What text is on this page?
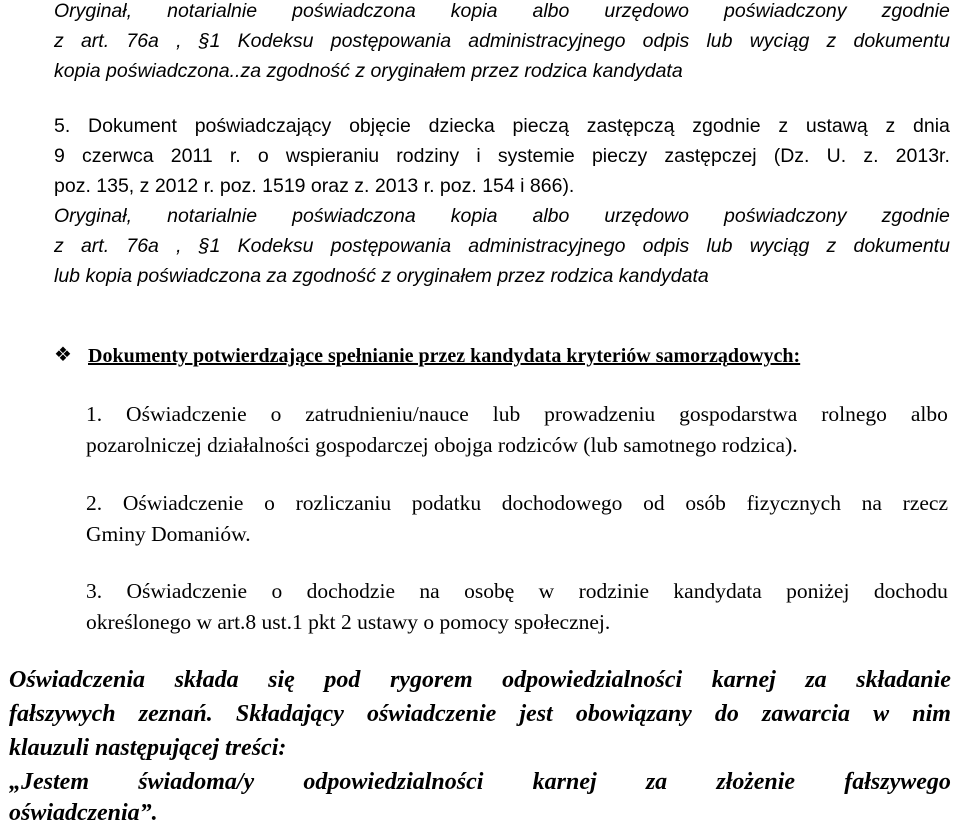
Oryginał, notarialnie poświadczona kopia albo urzędowo poświadczony zgodnie
z art. 76a , §1 Kodeksu postępowania administracyjnego odpis lub wyciąg z dokumentu
kopia poświadczona..za zgodność z oryginałem przez rodzica kandydata
5. Dokument poświadczający objęcie dziecka pieczą zastępczą zgodnie z ustawą z dnia
9 czerwca 2011 r. o wspieraniu rodziny i systemie pieczy zastępczej (Dz. U. z. 2013r.
poz. 135, z 2012 r. poz. 1519 oraz z. 2013 r. poz. 154 i 866).
Oryginał, notarialnie poświadczona kopia albo urzędowo poświadczony zgodnie
z art. 76a , §1 Kodeksu postępowania administracyjnego odpis lub wyciąg z dokumentu
lub kopia poświadczona za zgodność z oryginałem przez rodzica kandydata
❖ Dokumenty potwierdzające spełnianie przez kandydata kryteriów samorządowych:
1. Oświadczenie o zatrudnieniu/nauce lub prowadzeniu gospodarstwa rolnego albo
pozarolniczej działalności gospodarczej obojga rodziców (lub samotnego rodzica).
2. Oświadczenie o rozliczaniu podatku dochodowego od osób fizycznych na rzecz
Gminy Domaniów.
3. Oświadczenie o dochodzie na osobę w rodzinie kandydata poniżej dochodu
określonego w art.8 ust.1 pkt 2 ustawy o pomocy społecznej.
Oświadczenia składa się pod rygorem odpowiedzialności karnej za składanie
fałszywych zeznań. Składający oświadczenie jest obowiązany do zawarcia w nim
klauzuli następującej treści:
„Jestem świadoma/y odpowiedzialności karnej za złożenie fałszywego
oświadczenia”.
